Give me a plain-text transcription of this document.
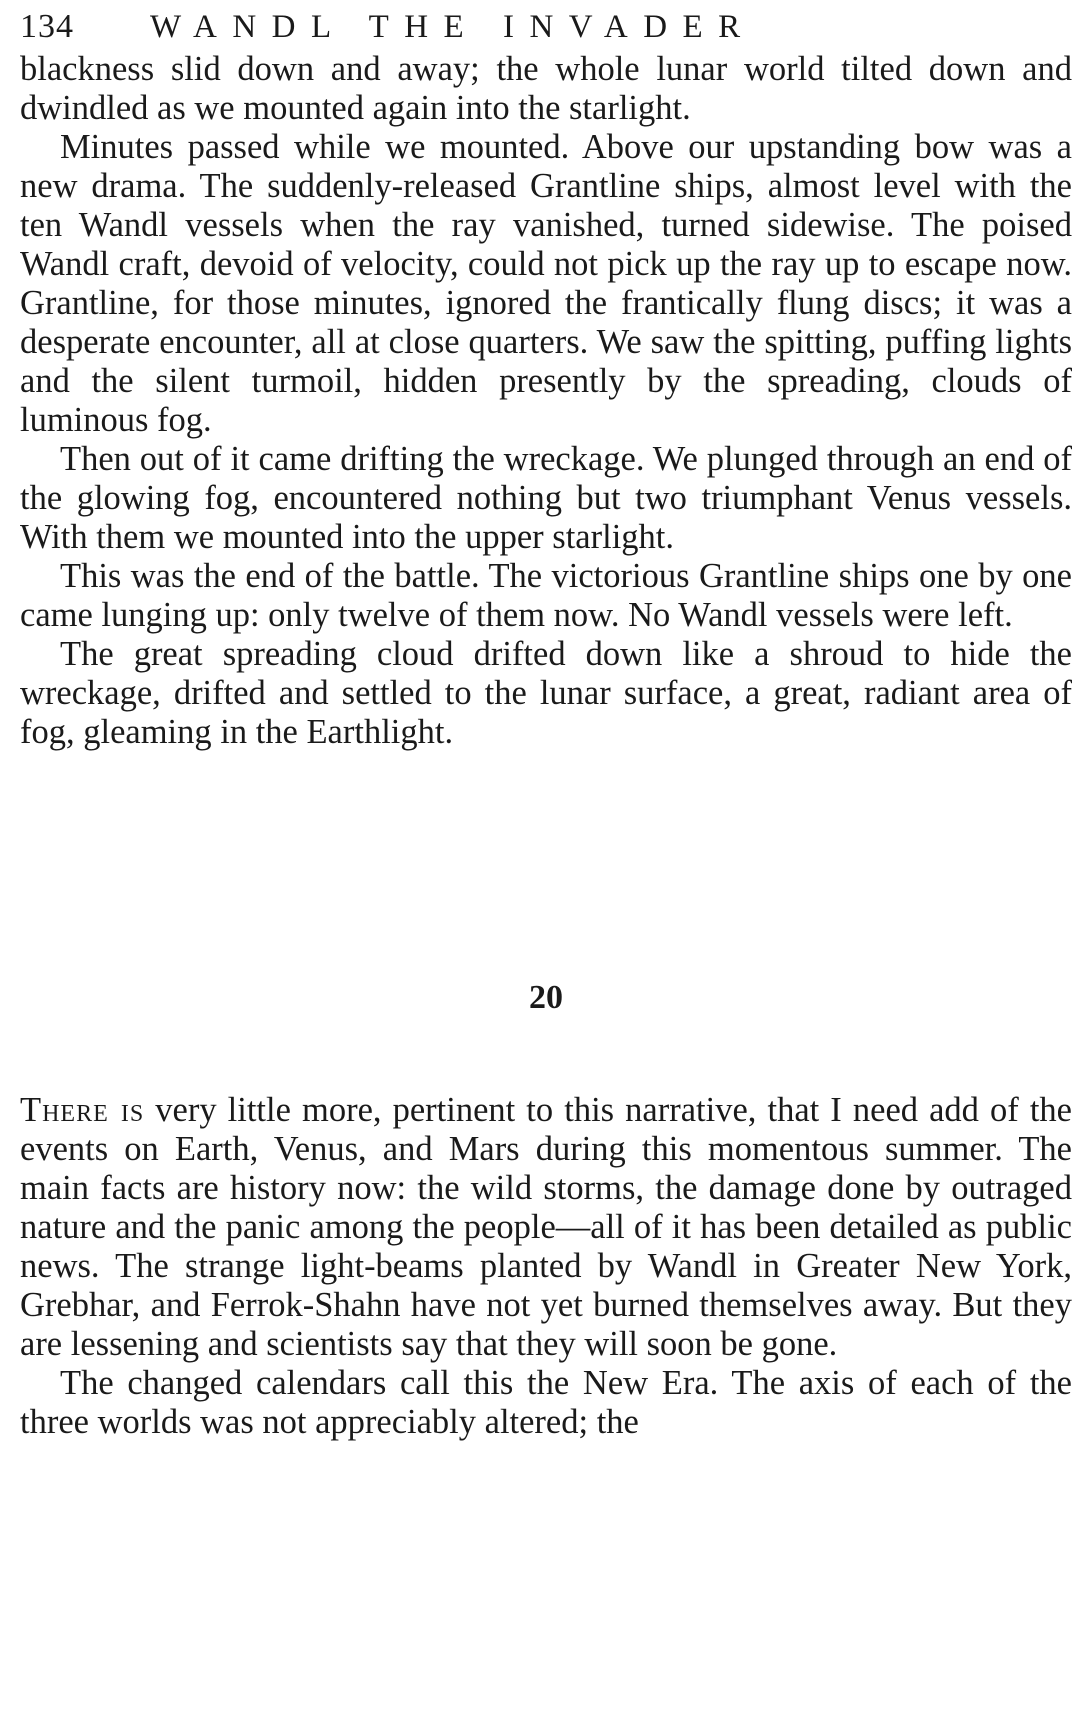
134	WANDL THE INVADER

blackness slid down and away; the whole lunar world tilted down and dwindled as we mounted again into the starlight.

Minutes passed while we mounted. Above our upstanding bow was a new drama. The suddenly-released Grantline ships, almost level with the ten Wandl vessels when the ray vanished, turned sidewise. The poised Wandl craft, devoid of velocity, could not pick up the ray up to escape now. Grantline, for those minutes, ignored the frantically flung discs; it was a desperate encounter, all at close quarters. We saw the spitting, puffing lights and the silent turmoil, hidden presently by the spreading, clouds of luminous fog.

Then out of it came drifting the wreckage. We plunged through an end of the glowing fog, encountered nothing but two triumphant Venus vessels. With them we mounted into the upper starlight.

This was the end of the battle. The victorious Grantline ships one by one came lunging up: only twelve of them now. No Wandl vessels were left.

The great spreading cloud drifted down like a shroud to hide the wreckage, drifted and settled to the lunar surface, a great, radiant area of fog, gleaming in the Earthlight.

20

There is very little more, pertinent to this narrative, that I need add of the events on Earth, Venus, and Mars during this momentous summer. The main facts are history now: the wild storms, the damage done by outraged nature and the panic among the people—all of it has been detailed as public news. The strange light-beams planted by Wandl in Greater New York, Grebhar, and Ferrok-Shahn have not yet burned themselves away. But they are lessening and scientists say that they will soon be gone.

The changed calendars call this the New Era. The axis of each of the three worlds was not appreciably altered; the
